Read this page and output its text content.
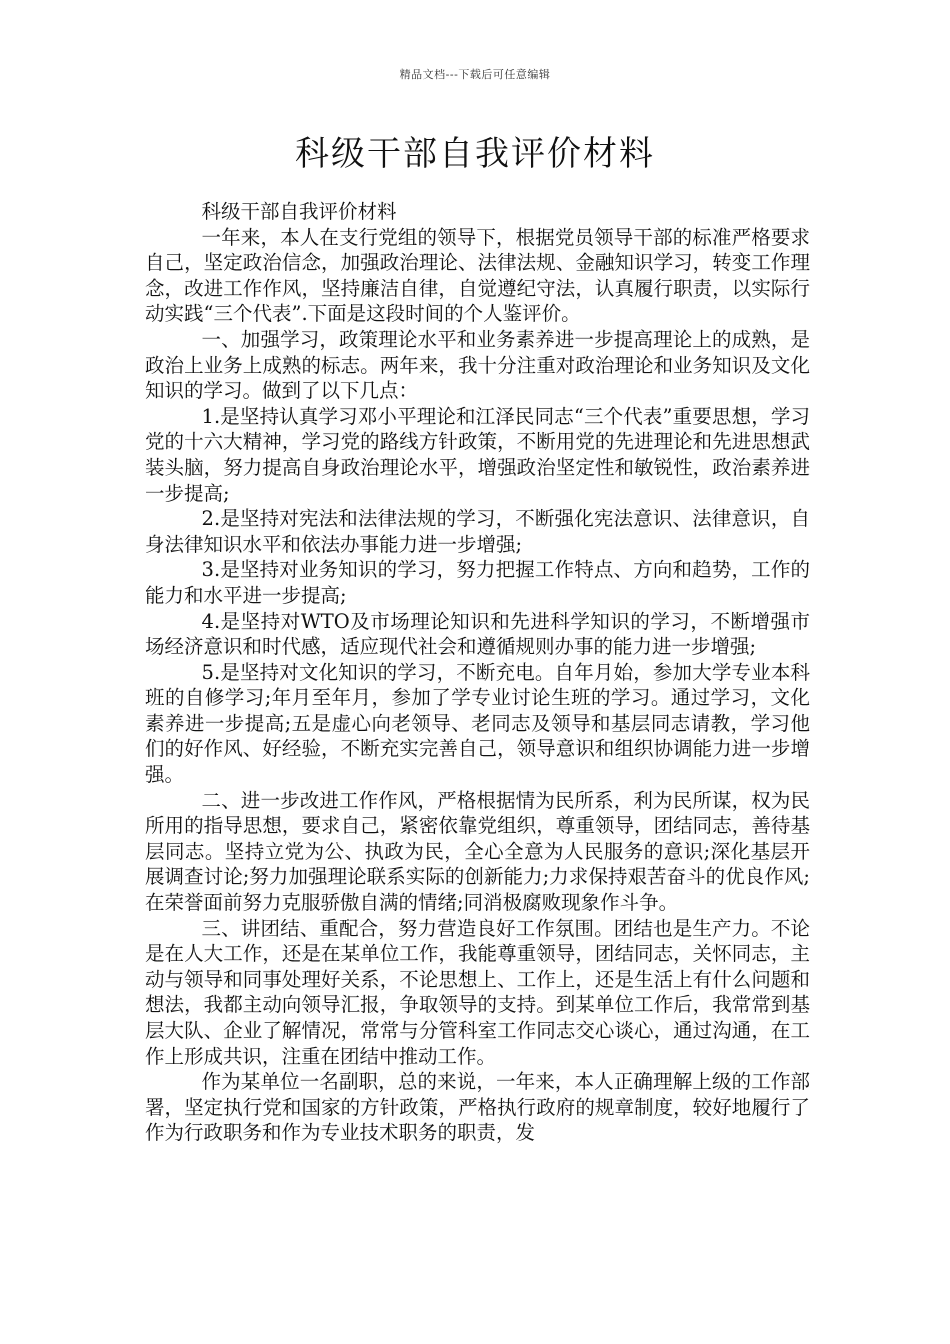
精品文档---下载后可任意编辑
科级干部自我评价材料

科级干部自我评价材料

一年来，本人在支行党组的领导下，根据党员领导干部的标准严格要求自己，坚定政治信念，加强政治理论、法律法规、金融知识学习，转变工作理念，改进工作作风，坚持廉洁自律，自觉遵纪守法，认真履行职责，以实际行动实践“三个代表”.下面是这段时间的个人鉴评价。

一、加强学习，政策理论水平和业务素养进一步提高理论上的成熟，是政治上业务上成熟的标志。两年来，我十分注重对政治理论和业务知识及文化知识的学习。做到了以下几点：

1.是坚持认真学习邓小平理论和江泽民同志“三个代表”重要思想，学习党的十六大精神，学习党的路线方针政策，不断用党的先进理论和先进思想武装头脑，努力提高自身政治理论水平，增强政治坚定性和敏锐性，政治素养进一步提高;

2.是坚持对宪法和法律法规的学习，不断强化宪法意识、法律意识，自身法律知识水平和依法办事能力进一步增强;

3.是坚持对业务知识的学习，努力把握工作特点、方向和趋势，工作的能力和水平进一步提高;

4.是坚持对WTO及市场理论知识和先进科学知识的学习，不断增强市场经济意识和时代感，适应现代社会和遵循规则办事的能力进一步增强;

5.是坚持对文化知识的学习，不断充电。自年月始，参加大学专业本科班的自修学习;年月至年月，参加了学专业讨论生班的学习。通过学习，文化素养进一步提高;五是虚心向老领导、老同志及领导和基层同志请教，学习他们的好作风、好经验，不断充实完善自己，领导意识和组织协调能力进一步增强。

二、进一步改进工作作风，严格根据情为民所系，利为民所谋，权为民所用的指导思想，要求自己，紧密依靠党组织，尊重领导，团结同志，善待基层同志。坚持立党为公、执政为民，全心全意为人民服务的意识;深化基层开展调查讨论;努力加强理论联系实际的创新能力;力求保持艰苦奋斗的优良作风;在荣誉面前努力克服骄傲自满的情绪;同消极腐败现象作斗争。

三、讲团结、重配合，努力营造良好工作氛围。团结也是生产力。不论是在人大工作，还是在某单位工作，我能尊重领导，团结同志，关怀同志，主动与领导和同事处理好关系，不论思想上、工作上，还是生活上有什么问题和想法，我都主动向领导汇报，争取领导的支持。到某单位工作后，我常常到基层大队、企业了解情况，常常与分管科室工作同志交心谈心，通过沟通，在工作上形成共识，注重在团结中推动工作。

作为某单位一名副职，总的来说，一年来，本人正确理解上级的工作部署，坚定执行党和国家的方针政策，严格执行政府的规章制度，较好地履行了作为行政职务和作为专业技术职务的职责，发
